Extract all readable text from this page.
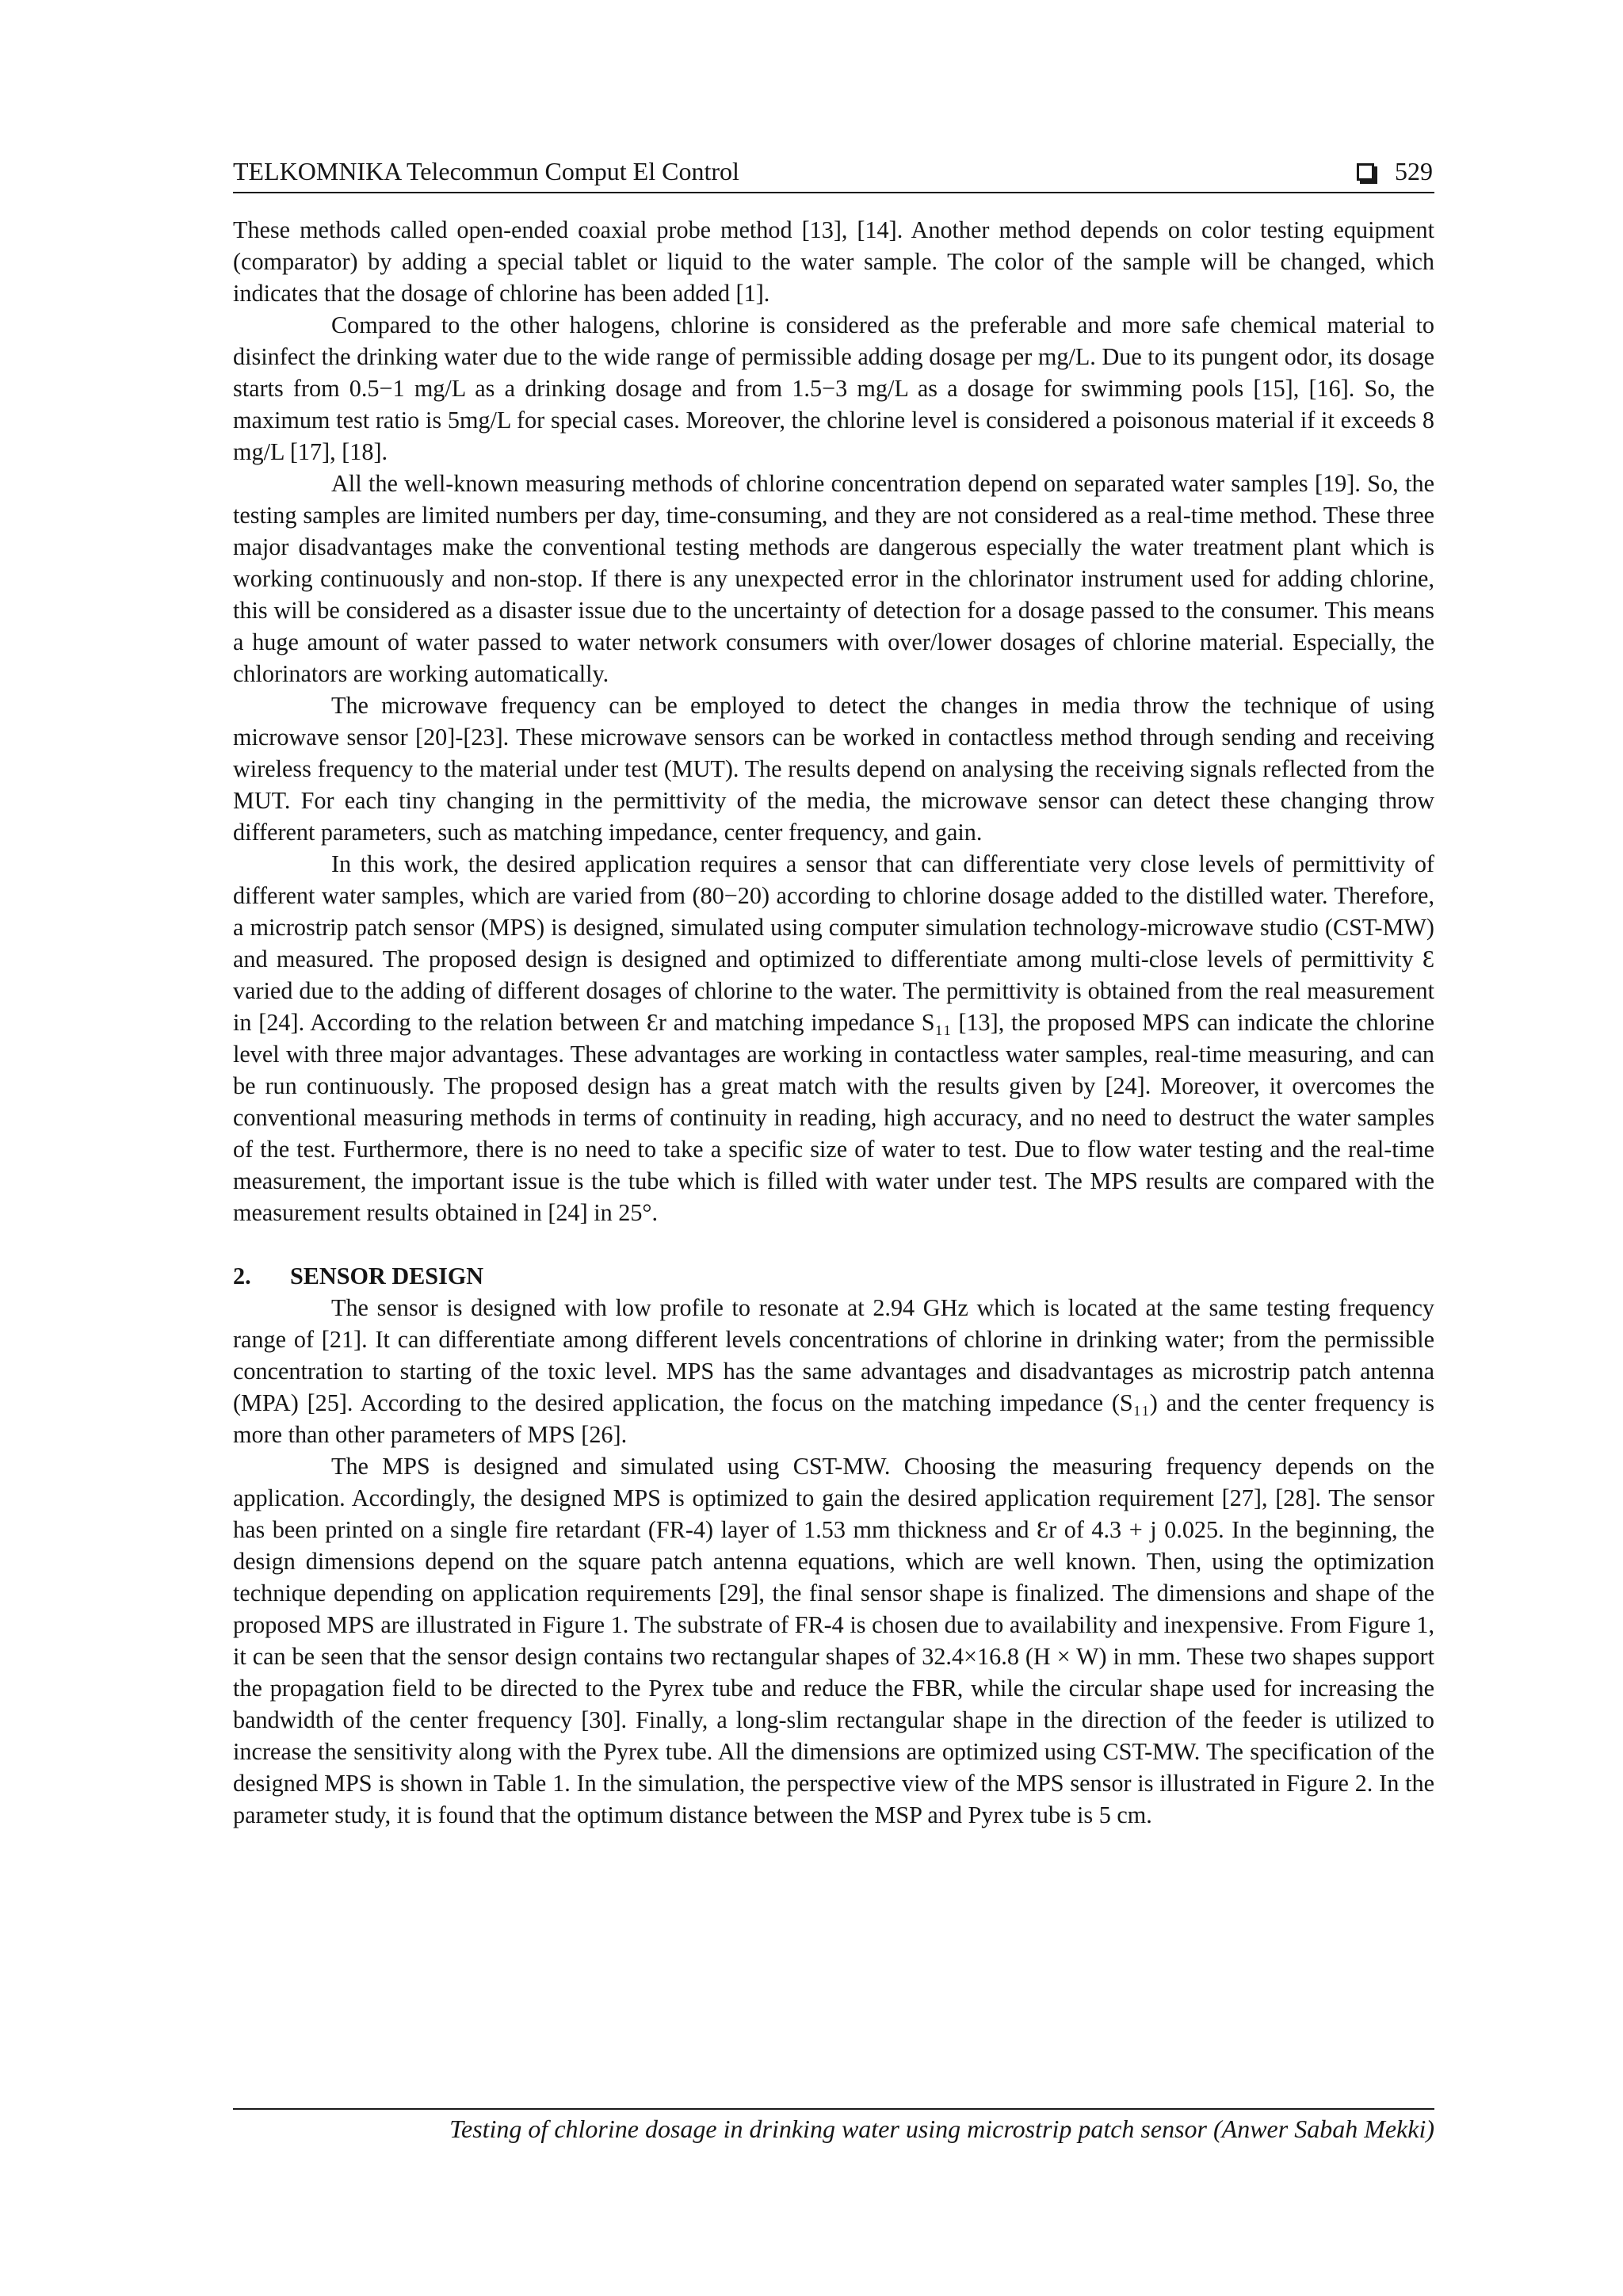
TELKOMNIKA Telecommun Comput El Control	529

These methods called open-ended coaxial probe method [13], [14]. Another method depends on color testing equipment (comparator) by adding a special tablet or liquid to the water sample. The color of the sample will be changed, which indicates that the dosage of chlorine has been added [1].

Compared to the other halogens, chlorine is considered as the preferable and more safe chemical material to disinfect the drinking water due to the wide range of permissible adding dosage per mg/L. Due to its pungent odor, its dosage starts from 0.5−1 mg/L as a drinking dosage and from 1.5−3 mg/L as a dosage for swimming pools [15], [16]. So, the maximum test ratio is 5mg/L for special cases. Moreover, the chlorine level is considered a poisonous material if it exceeds 8 mg/L [17], [18].

All the well-known measuring methods of chlorine concentration depend on separated water samples [19]. So, the testing samples are limited numbers per day, time-consuming, and they are not considered as a real-time method. These three major disadvantages make the conventional testing methods are dangerous especially the water treatment plant which is working continuously and non-stop. If there is any unexpected error in the chlorinator instrument used for adding chlorine, this will be considered as a disaster issue due to the uncertainty of detection for a dosage passed to the consumer. This means a huge amount of water passed to water network consumers with over/lower dosages of chlorine material. Especially, the chlorinators are working automatically.

The microwave frequency can be employed to detect the changes in media throw the technique of using microwave sensor [20]-[23]. These microwave sensors can be worked in contactless method through sending and receiving wireless frequency to the material under test (MUT). The results depend on analysing the receiving signals reflected from the MUT. For each tiny changing in the permittivity of the media, the microwave sensor can detect these changing throw different parameters, such as matching impedance, center frequency, and gain.

In this work, the desired application requires a sensor that can differentiate very close levels of permittivity of different water samples, which are varied from (80−20) according to chlorine dosage added to the distilled water. Therefore, a microstrip patch sensor (MPS) is designed, simulated using computer simulation technology-microwave studio (CST-MW) and measured. The proposed design is designed and optimized to differentiate among multi-close levels of permittivity Ɛ varied due to the adding of different dosages of chlorine to the water. The permittivity is obtained from the real measurement in [24]. According to the relation between Ɛr and matching impedance S₁₁ [13], the proposed MPS can indicate the chlorine level with three major advantages. These advantages are working in contactless water samples, real-time measuring, and can be run continuously. The proposed design has a great match with the results given by [24]. Moreover, it overcomes the conventional measuring methods in terms of continuity in reading, high accuracy, and no need to destruct the water samples of the test. Furthermore, there is no need to take a specific size of water to test. Due to flow water testing and the real-time measurement, the important issue is the tube which is filled with water under test. The MPS results are compared with the measurement results obtained in [24] in 25°.

2. SENSOR DESIGN

The sensor is designed with low profile to resonate at 2.94 GHz which is located at the same testing frequency range of [21]. It can differentiate among different levels concentrations of chlorine in drinking water; from the permissible concentration to starting of the toxic level. MPS has the same advantages and disadvantages as microstrip patch antenna (MPA) [25]. According to the desired application, the focus on the matching impedance (S₁₁) and the center frequency is more than other parameters of MPS [26].

The MPS is designed and simulated using CST-MW. Choosing the measuring frequency depends on the application. Accordingly, the designed MPS is optimized to gain the desired application requirement [27], [28]. The sensor has been printed on a single fire retardant (FR-4) layer of 1.53 mm thickness and Ɛr of 4.3 + j 0.025. In the beginning, the design dimensions depend on the square patch antenna equations, which are well known. Then, using the optimization technique depending on application requirements [29], the final sensor shape is finalized. The dimensions and shape of the proposed MPS are illustrated in Figure 1. The substrate of FR-4 is chosen due to availability and inexpensive. From Figure 1, it can be seen that the sensor design contains two rectangular shapes of 32.4×16.8 (H × W) in mm. These two shapes support the propagation field to be directed to the Pyrex tube and reduce the FBR, while the circular shape used for increasing the bandwidth of the center frequency [30]. Finally, a long-slim rectangular shape in the direction of the feeder is utilized to increase the sensitivity along with the Pyrex tube. All the dimensions are optimized using CST-MW. The specification of the designed MPS is shown in Table 1. In the simulation, the perspective view of the MPS sensor is illustrated in Figure 2. In the parameter study, it is found that the optimum distance between the MSP and Pyrex tube is 5 cm.

Testing of chlorine dosage in drinking water using microstrip patch sensor (Anwer Sabah Mekki)
